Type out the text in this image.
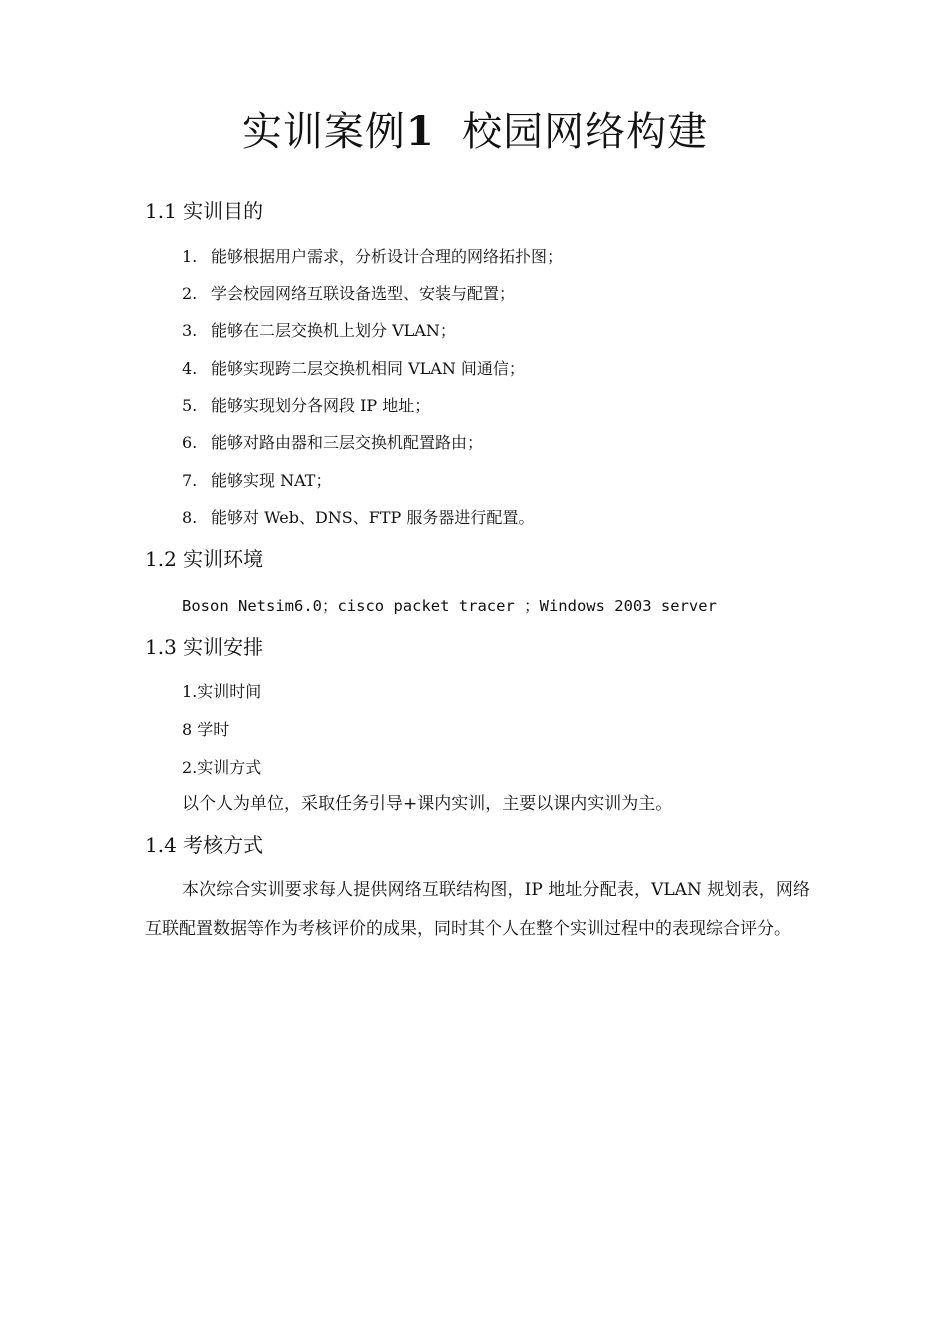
实训案例1 校园网络构建
1.1 实训目的
1. 能够根据用户需求，分析设计合理的网络拓扑图；
2. 学会校园网络互联设备选型、安装与配置；
3. 能够在二层交换机上划分 VLAN；
4. 能够实现跨二层交换机相同 VLAN 间通信；
5. 能够实现划分各网段 IP 地址；
6. 能够对路由器和三层交换机配置路由；
7. 能够实现 NAT；
8. 能够对 Web、DNS、FTP 服务器进行配置。
1.2 实训环境
Boson Netsim6.0；cisco packet tracer ；Windows 2003 server
1.3 实训安排
1.实训时间
8 学时
2.实训方式
以个人为单位，采取任务引导+课内实训，主要以课内实训为主。
1.4 考核方式
本次综合实训要求每人提供网络互联结构图，IP 地址分配表，VLAN 规划表，网络互联配置数据等作为考核评价的成果，同时其个人在整个实训过程中的表现综合评分。
